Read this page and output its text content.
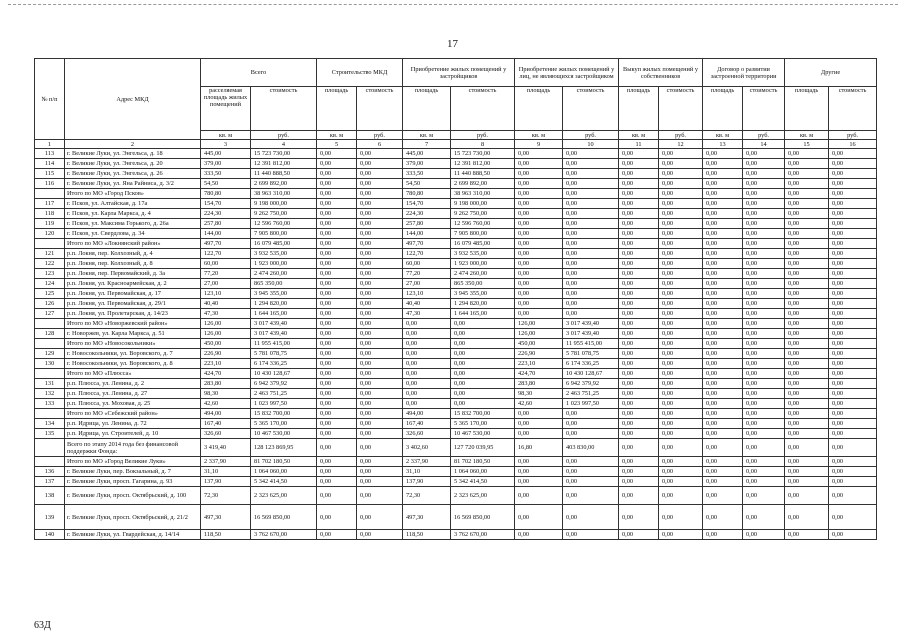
17
№ п/п	Адрес МКД	Всего		Строительство МКД		Приобретение жилых помещений у застройщиков		Приобретение жилых помещений у лиц, не являющихся застройщиком		Выкуп жилых помещений у собственников		Договор о развитии застроенной территории		Другие	
		расселяемая площадь жилых помещений	стоимость	площадь	стоимость	площадь	стоимость	площадь	стоимость	площадь	стоимость	площадь	стоимость	площадь	стоимость
		кв. м	руб.	кв. м	руб.	кв. м	руб.	кв. м	руб.	кв. м	руб.	кв. м	руб.	кв. м	руб.
1	2	3	4	5	6	7	8	9	10	11	12	13	14	15	16
113	г. Великие Луки, ул. Энгельса, д. 18	445,00	15 723 730,00	0,00	0,00	445,00	15 723 730,00	0,00	0,00	0,00	0,00	0,00	0,00	0,00	0,00
114	г. Великие Луки, ул. Энгельса, д. 20	379,00	12 391 812,00	0,00	0,00	379,00	12 391 812,00	0,00	0,00	0,00	0,00	0,00	0,00	0,00	0,00
115	г. Великие Луки, ул. Энгельса, д. 26	333,50	11 440 888,50	0,00	0,00	333,50	11 440 888,50	0,00	0,00	0,00	0,00	0,00	0,00	0,00	0,00
116	г. Великие Луки, ул. Яна Райниса, д. 3/2	54,50	2 699 892,00	0,00	0,00	54,50	2 699 892,00	0,00	0,00	0,00	0,00	0,00	0,00	0,00	0,00
	Итого по МО «Город Псков»	780,80	38 963 310,00	0,00	0,00	780,80	38 963 310,00	0,00	0,00	0,00	0,00	0,00	0,00	0,00	0,00
117	г. Псков, ул. Алтайская, д. 17а	154,70	9 198 000,00	0,00	0,00	154,70	9 198 000,00	0,00	0,00	0,00	0,00	0,00	0,00	0,00	0,00
118	г. Псков, ул. Карла Маркса, д. 4	224,30	9 262 750,00	0,00	0,00	224,30	9 262 750,00	0,00	0,00	0,00	0,00	0,00	0,00	0,00	0,00
119	г. Псков, ул. Максима Горького, д. 26а	257,80	12 596 760,00	0,00	0,00	257,80	12 596 760,00	0,00	0,00	0,00	0,00	0,00	0,00	0,00	0,00
120	г. Псков, ул. Свердлова, д. 34	144,00	7 905 800,00	0,00	0,00	144,00	7 905 800,00	0,00	0,00	0,00	0,00	0,00	0,00	0,00	0,00
	Итого по МО «Локнянский район»	497,70	16 079 485,00	0,00	0,00	497,70	16 079 485,00	0,00	0,00	0,00	0,00	0,00	0,00	0,00	0,00
121	р.п. Локня, пер. Колхозный, д. 4	122,70	3 932 535,00	0,00	0,00	122,70	3 932 535,00	0,00	0,00	0,00	0,00	0,00	0,00	0,00	0,00
122	р.п. Локня, пер. Колхозный, д. 8	60,00	1 923 000,00	0,00	0,00	60,00	1 923 000,00	0,00	0,00	0,00	0,00	0,00	0,00	0,00	0,00
123	р.п. Локня, пер. Первомайский, д. 3а	77,20	2 474 260,00	0,00	0,00	77,20	2 474 260,00	0,00	0,00	0,00	0,00	0,00	0,00	0,00	0,00
124	р.п. Локня, ул. Красноармейская, д. 2	27,00	865 350,00	0,00	0,00	27,00	865 350,00	0,00	0,00	0,00	0,00	0,00	0,00	0,00	0,00
125	р.п. Локня, ул. Первомайская, д. 17	123,10	3 945 355,00	0,00	0,00	123,10	3 945 355,00	0,00	0,00	0,00	0,00	0,00	0,00	0,00	0,00
126	р.п. Локня, ул. Первомайская, д. 29/1	40,40	1 294 820,00	0,00	0,00	40,40	1 294 820,00	0,00	0,00	0,00	0,00	0,00	0,00	0,00	0,00
127	р.п. Локня, ул. Пролетарская, д. 14/23	47,30	1 644 165,00	0,00	0,00	47,30	1 644 165,00	0,00	0,00	0,00	0,00	0,00	0,00	0,00	0,00
	Итого по МО «Новоржевский район»	126,00	3 017 439,40	0,00	0,00	0,00	0,00	126,00	3 017 439,40	0,00	0,00	0,00	0,00	0,00	0,00
128	г. Новоржев, ул. Карла Маркса, д. 51	126,00	3 017 439,40	0,00	0,00	0,00	0,00	126,00	3 017 439,40	0,00	0,00	0,00	0,00	0,00	0,00
	Итого по МО «Новосокольники»	450,00	11 955 415,00	0,00	0,00	0,00	0,00	450,00	11 955 415,00	0,00	0,00	0,00	0,00	0,00	0,00
129	г. Новосокольники, ул. Воровского, д. 7	226,90	5 781 078,75	0,00	0,00	0,00	0,00	226,90	5 781 078,75	0,00	0,00	0,00	0,00	0,00	0,00
130	г. Новосокольники, ул. Воровского, д. 8	223,10	6 174 336,25	0,00	0,00	0,00	0,00	223,10	6 174 336,25	0,00	0,00	0,00	0,00	0,00	0,00
	Итого по МО «Плюсса»	424,70	10 430 128,67	0,00	0,00	0,00	0,00	424,70	10 430 128,67	0,00	0,00	0,00	0,00	0,00	0,00
131	р.п. Плюсса, ул. Ленина, д. 2	283,80	6 942 379,92	0,00	0,00	0,00	0,00	283,80	6 942 379,92	0,00	0,00	0,00	0,00	0,00	0,00
132	р.п. Плюсса, ул. Ленина, д. 27	98,30	2 463 751,25	0,00	0,00	0,00	0,00	98,30	2 463 751,25	0,00	0,00	0,00	0,00	0,00	0,00
133	р.п. Плюсса, ул. Моховая, д. 25	42,60	1 023 997,50	0,00	0,00	0,00	0,00	42,60	1 023 997,50	0,00	0,00	0,00	0,00	0,00	0,00
	Итого по МО «Себежский район»	494,00	15 832 700,00	0,00	0,00	494,00	15 832 700,00	0,00	0,00	0,00	0,00	0,00	0,00	0,00	0,00
134	р.п. Идрица, ул. Ленина, д. 72	167,40	5 365 170,00	0,00	0,00	167,40	5 365 170,00	0,00	0,00	0,00	0,00	0,00	0,00	0,00	0,00
135	р.п. Идрица, ул. Строителей, д. 10	326,60	10 467 530,00	0,00	0,00	326,60	10 467 530,00	0,00	0,00	0,00	0,00	0,00	0,00	0,00	0,00
	Всего по этапу 2014 года без финансовой поддержки Фонда:	3 419,40	128 123 869,95	0,00	0,00	3 402,60	127 720 039,95	16,80	403 830,00	0,00	0,00	0,00	0,00	0,00	0,00
	Итого по МО «Город Великие Луки»	2 337,90	81 702 180,50	0,00	0,00	2 337,90	81 702 180,50	0,00	0,00	0,00	0,00	0,00	0,00	0,00	0,00
136	г. Великие Луки, пер. Вокзальный, д. 7	31,10	1 064 060,00	0,00	0,00	31,10	1 064 060,00	0,00	0,00	0,00	0,00	0,00	0,00	0,00	0,00
137	г. Великие Луки, просп. Гагарина, д. 93	137,90	5 342 414,50	0,00	0,00	137,90	5 342 414,50	0,00	0,00	0,00	0,00	0,00	0,00	0,00	0,00
138	г. Великие Луки, просп. Октябрьский, д. 100	72,30	2 323 625,00	0,00	0,00	72,30	2 323 625,00	0,00	0,00	0,00	0,00	0,00	0,00	0,00	0,00
139	г. Великие Луки, просп. Октябрьский, д. 21/2	497,30	16 569 850,00	0,00	0,00	497,30	16 569 850,00	0,00	0,00	0,00	0,00	0,00	0,00	0,00	0,00
140	г. Великие Луки, ул. Гвардейская, д. 14/14	118,50	3 762 670,00	0,00	0,00	118,50	3 762 670,00	0,00	0,00	0,00	0,00	0,00	0,00	0,00	0,00
63Д
